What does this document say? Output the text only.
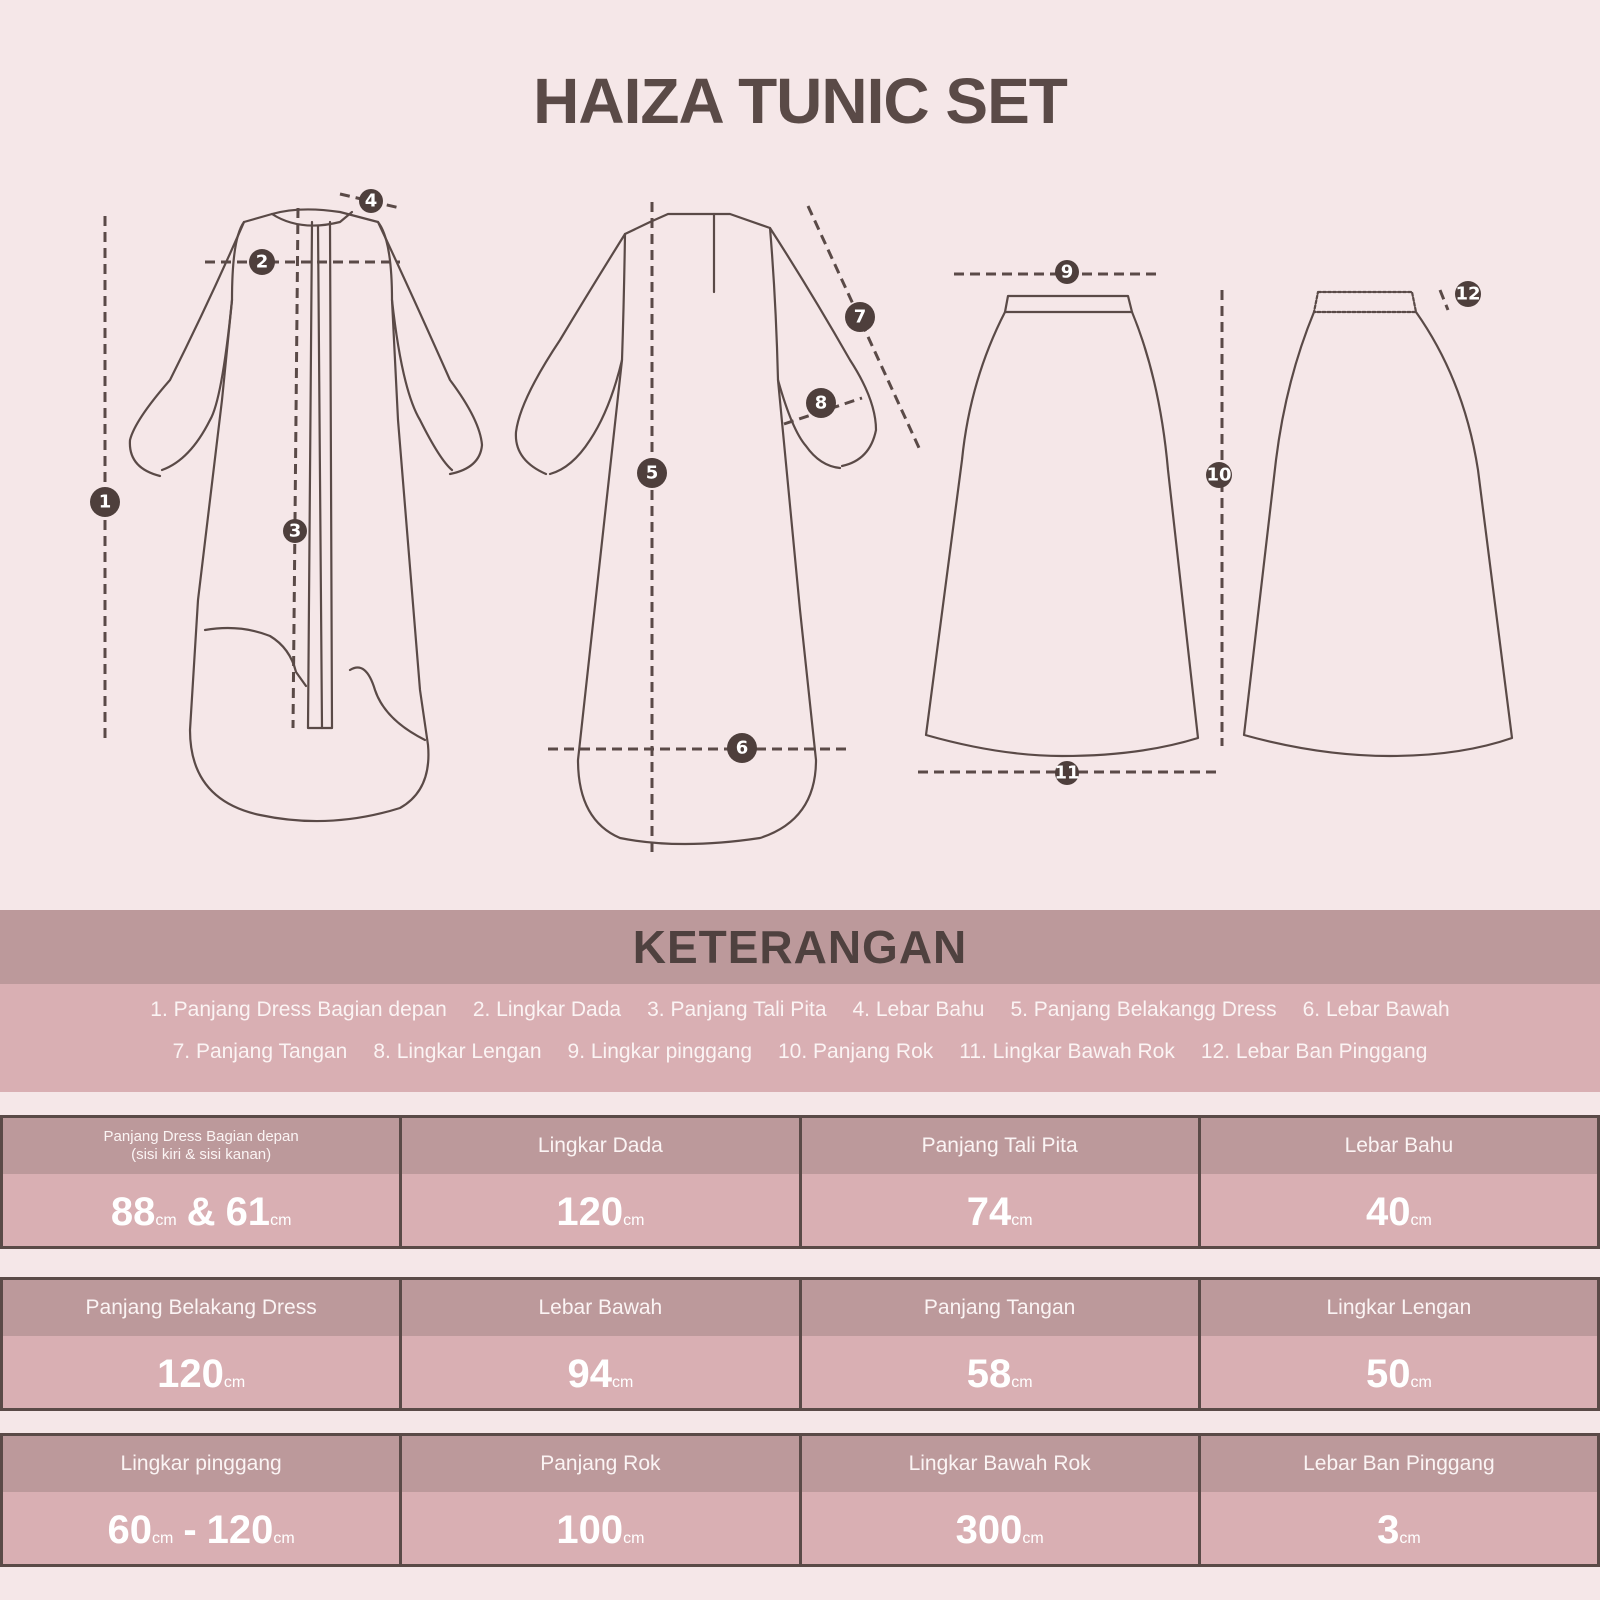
HAIZA TUNIC SET
1
2
3
4
5
6
7
8
9
10
11
12
KETERANGAN
1. Panjang Dress Bagian depan 2. Lingkar Dada 3. Panjang Tali Pita 4. Lebar Bahu 5. Panjang Belakangg Dress 6. Lebar Bawah
7. Panjang Tangan 8. Lingkar Lengan 9. Lingkar pinggang 10. Panjang Rok 11. Lingkar Bawah Rok 12. Lebar Ban Pinggang
Panjang Dress Bagian depan
(sisi kiri & sisi kanan)
88 cm & 61 cm
Lingkar Dada
120 cm
Panjang Tali Pita
74 cm
Lebar Bahu
40 cm
Panjang Belakang Dress
120 cm
Lebar Bawah
94 cm
Panjang Tangan
58 cm
Lingkar Lengan
50 cm
Lingkar pinggang
60 cm - 120 cm
Panjang Rok
100 cm
Lingkar Bawah Rok
300 cm
Lebar Ban Pinggang
3 cm
